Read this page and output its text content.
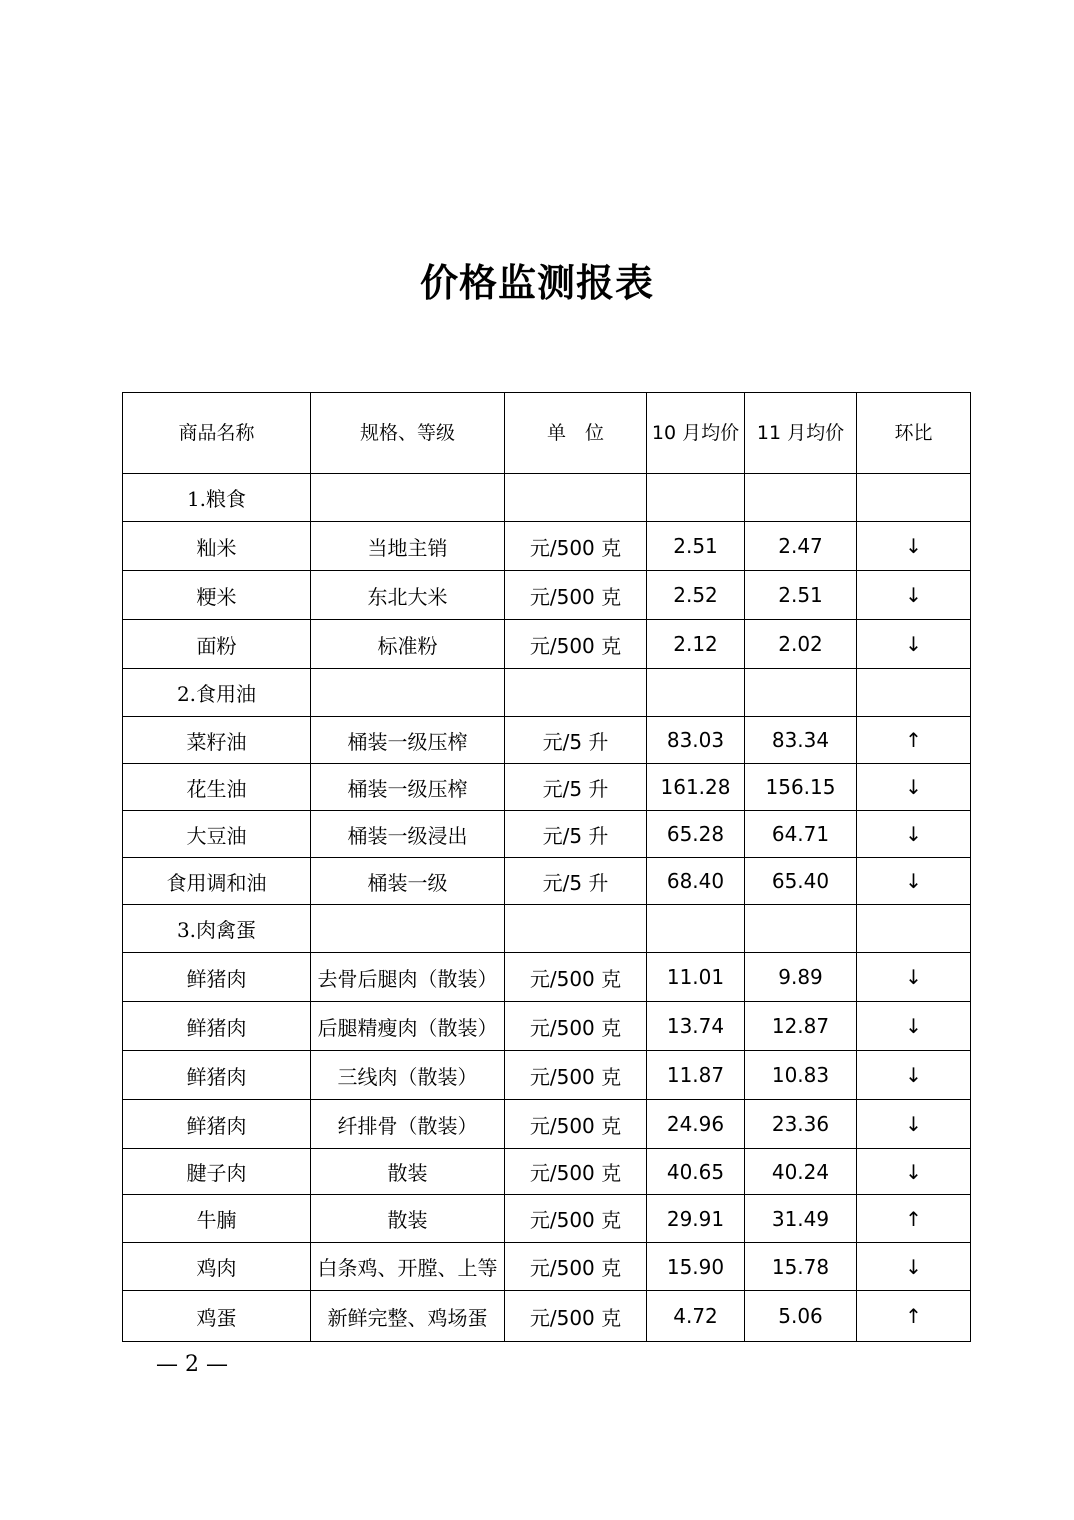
价格监测报表
商品名称	规格、等级	单　位	10 月均价	11 月均价	环比
1.粮食					
籼米	当地主销	元/500 克	2.51	2.47	↓
粳米	东北大米	元/500 克	2.52	2.51	↓
面粉	标准粉	元/500 克	2.12	2.02	↓
2.食用油					
菜籽油	桶装一级压榨	元/5 升	83.03	83.34	↑
花生油	桶装一级压榨	元/5 升	161.28	156.15	↓
大豆油	桶装一级浸出	元/5 升	65.28	64.71	↓
食用调和油	桶装一级	元/5 升	68.40	65.40	↓
3.肉禽蛋					
鲜猪肉	去骨后腿肉（散装）	元/500 克	11.01	9.89	↓
鲜猪肉	后腿精瘦肉（散装）	元/500 克	13.74	12.87	↓
鲜猪肉	三线肉（散装）	元/500 克	11.87	10.83	↓
鲜猪肉	纤排骨（散装）	元/500 克	24.96	23.36	↓
腱子肉	散装	元/500 克	40.65	40.24	↓
牛腩	散装	元/500 克	29.91	31.49	↑
鸡肉	白条鸡、开膛、上等	元/500 克	15.90	15.78	↓
鸡蛋	新鲜完整、鸡场蛋	元/500 克	4.72	5.06	↑
— 2 —
